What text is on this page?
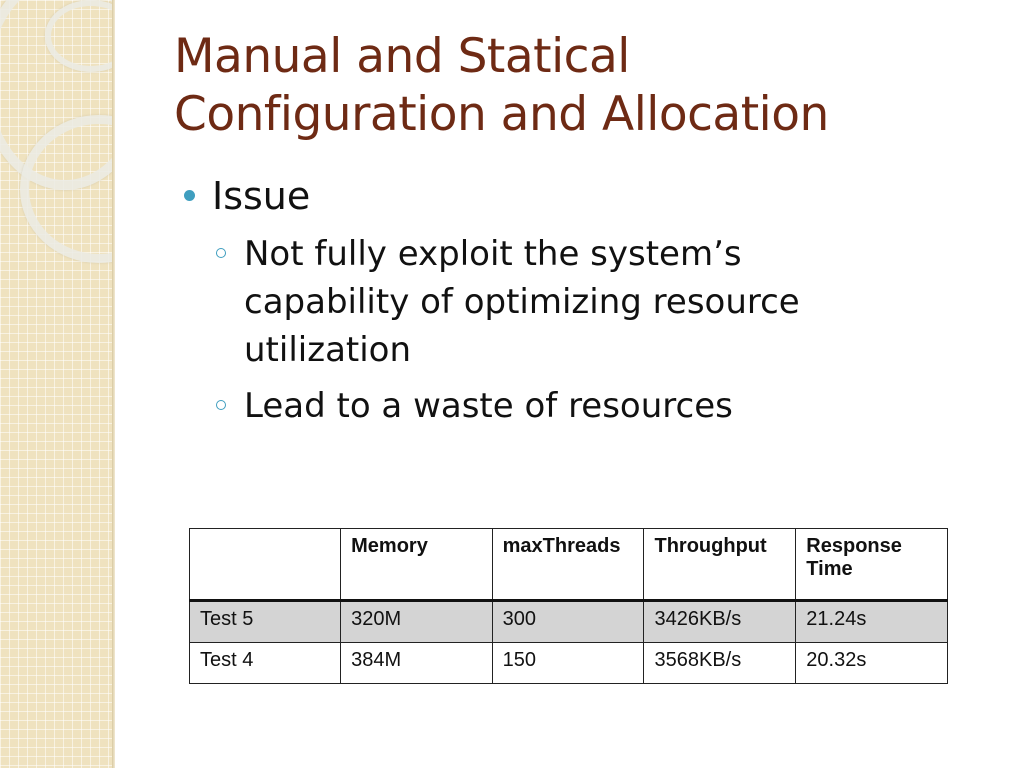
Manual and Statical
Configuration and Allocation
Issue
Not fully exploit the system’s capability of optimizing resource utilization
Lead to a waste of resources
	Memory	maxThreads	Throughput	Response Time
Test 5	320M	300	3426KB/s	21.24s
Test 4	384M	150	3568KB/s	20.32s
